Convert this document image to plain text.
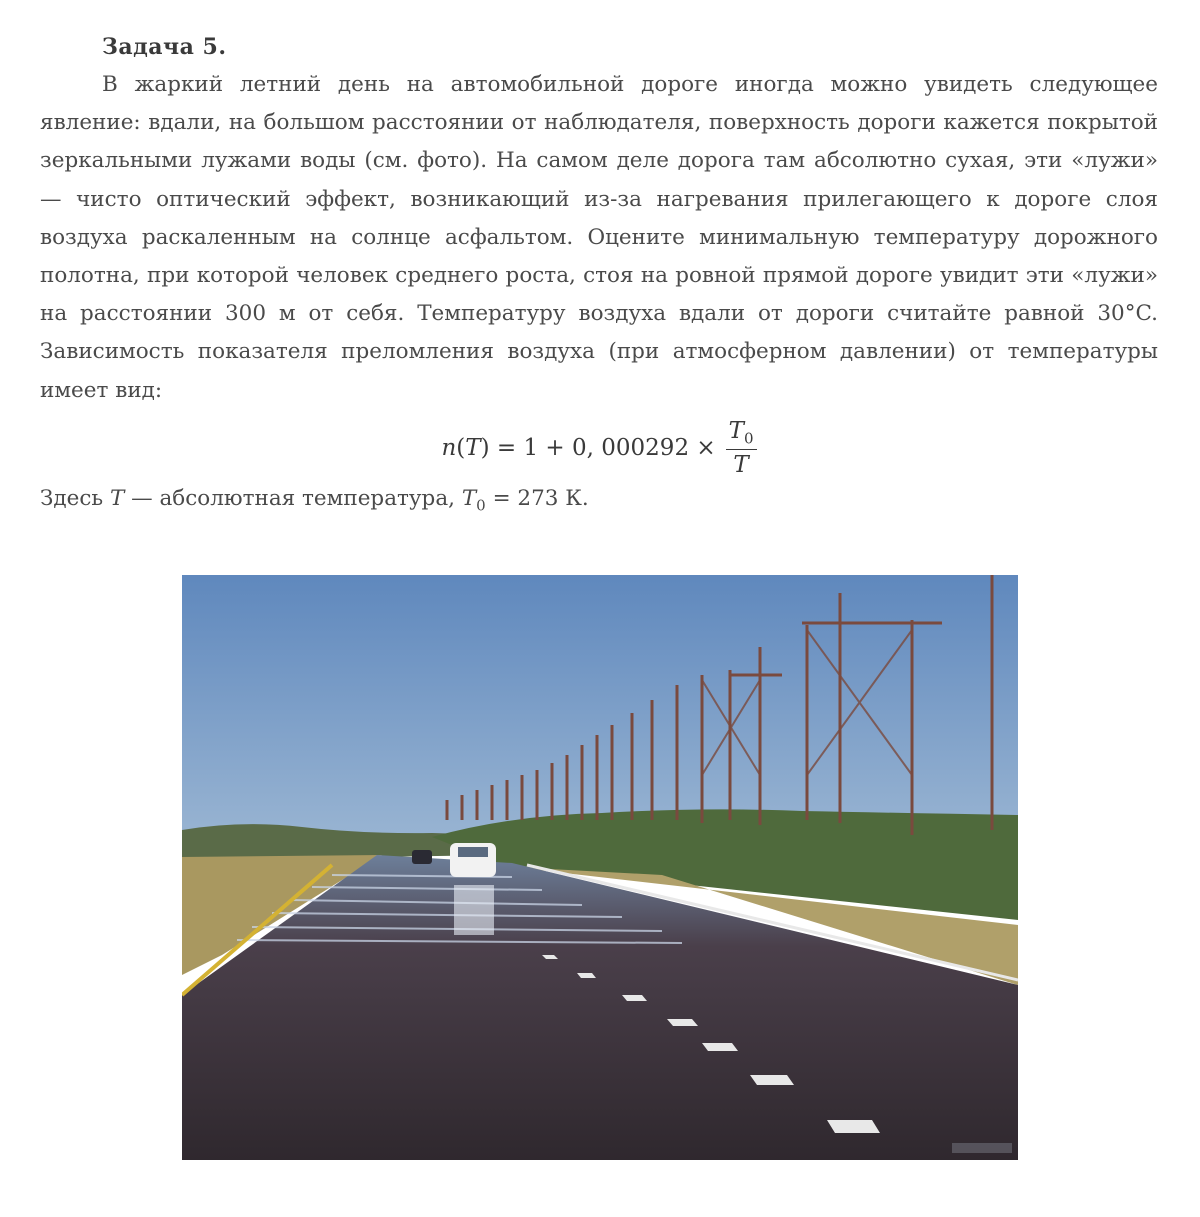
Задача 5.

В жаркий летний день на автомобильной дороге иногда можно увидеть следующее явление: вдали, на большом расстоянии от наблюдателя, поверхность дороги кажется покрытой зеркальными лужами воды (см. фото). На самом деле дорога там абсолютно сухая, эти «лужи» — чисто оптический эффект, возникающий из-за нагревания прилегающего к дороге слоя воздуха раскаленным на солнце асфальтом. Оцените минимальную температуру дорожного полотна, при которой человек среднего роста, стоя на ровной прямой дороге увидит эти «лужи» на расстоянии 300 м от себя. Температуру воздуха вдали от дороги считайте равной 30°C. Зависимость показателя преломления воздуха (при атмосферном давлении) от температуры имеет вид:

n ( T ) = 1 + 0, $000292 \times \frac{T_0}{T}$

Здесь T — абсолютная температура, $T_0 = 273$ К.
